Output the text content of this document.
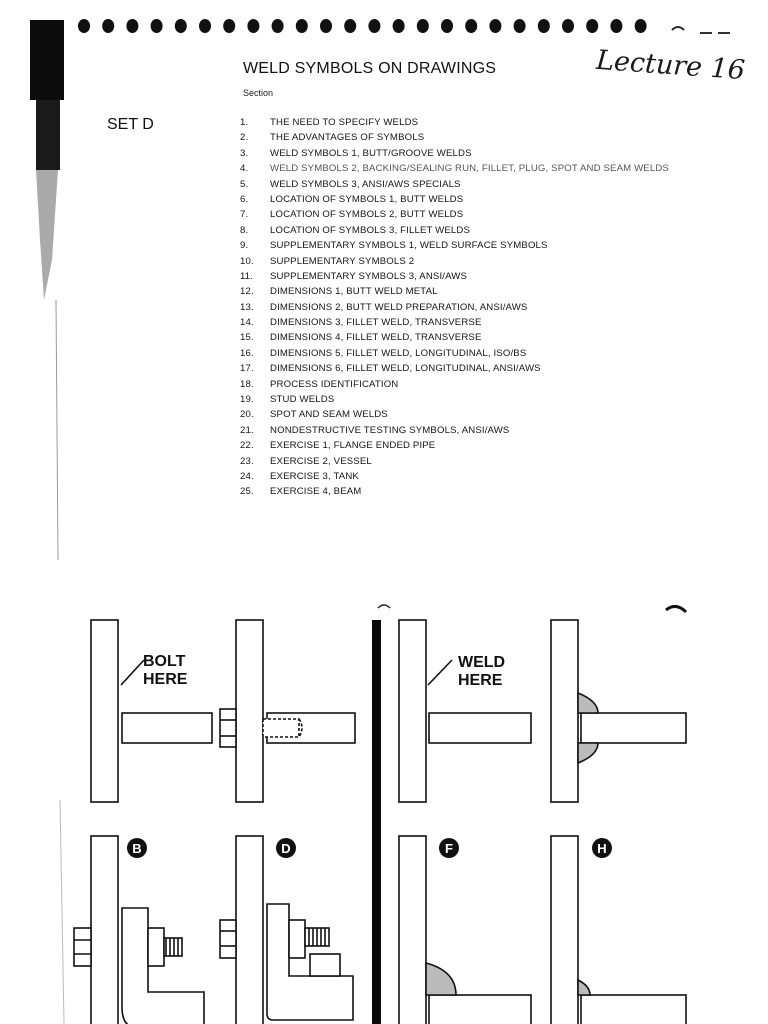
WELD SYMBOLS ON DRAWINGS	Lecture 16
Section
SET D	1. THE NEED TO SPECIFY WELDS
2. THE ADVANTAGES OF SYMBOLS
3. WELD SYMBOLS 1, BUTT/GROOVE WELDS
4. WELD SYMBOLS 2, BACKING/SEALING RUN, FILLET, PLUG, SPOT AND SEAM WELDS
5. WELD SYMBOLS 3, ANSI/AWS SPECIALS
6. LOCATION OF SYMBOLS 1, BUTT WELDS
7. LOCATION OF SYMBOLS 2, BUTT WELDS
8. LOCATION OF SYMBOLS 3, FILLET WELDS
9. SUPPLEMENTARY SYMBOLS 1, WELD SURFACE SYMBOLS
10. SUPPLEMENTARY SYMBOLS 2
11. SUPPLEMENTARY SYMBOLS 3, ANSI/AWS
12. DIMENSIONS 1, BUTT WELD METAL
13. DIMENSIONS 2, BUTT WELD PREPARATION, ANSI/AWS
14. DIMENSIONS 3, FILLET WELD, TRANSVERSE
15. DIMENSIONS 4, FILLET WELD, TRANSVERSE
16. DIMENSIONS 5, FILLET WELD, LONGITUDINAL, ISO/BS
17. DIMENSIONS 6, FILLET WELD, LONGITUDINAL, ANSI/AWS
18. PROCESS IDENTIFICATION
19. STUD WELDS
20. SPOT AND SEAM WELDS
21. NONDESTRUCTIVE TESTING SYMBOLS, ANSI/AWS
22. EXERCISE 1, FLANGE ENDED PIPE
23. EXERCISE 2, VESSEL
24. EXERCISE 3, TANK
25. EXERCISE 4, BEAM
BOLT
HERE
WELD
HERE
B	D	F	H
